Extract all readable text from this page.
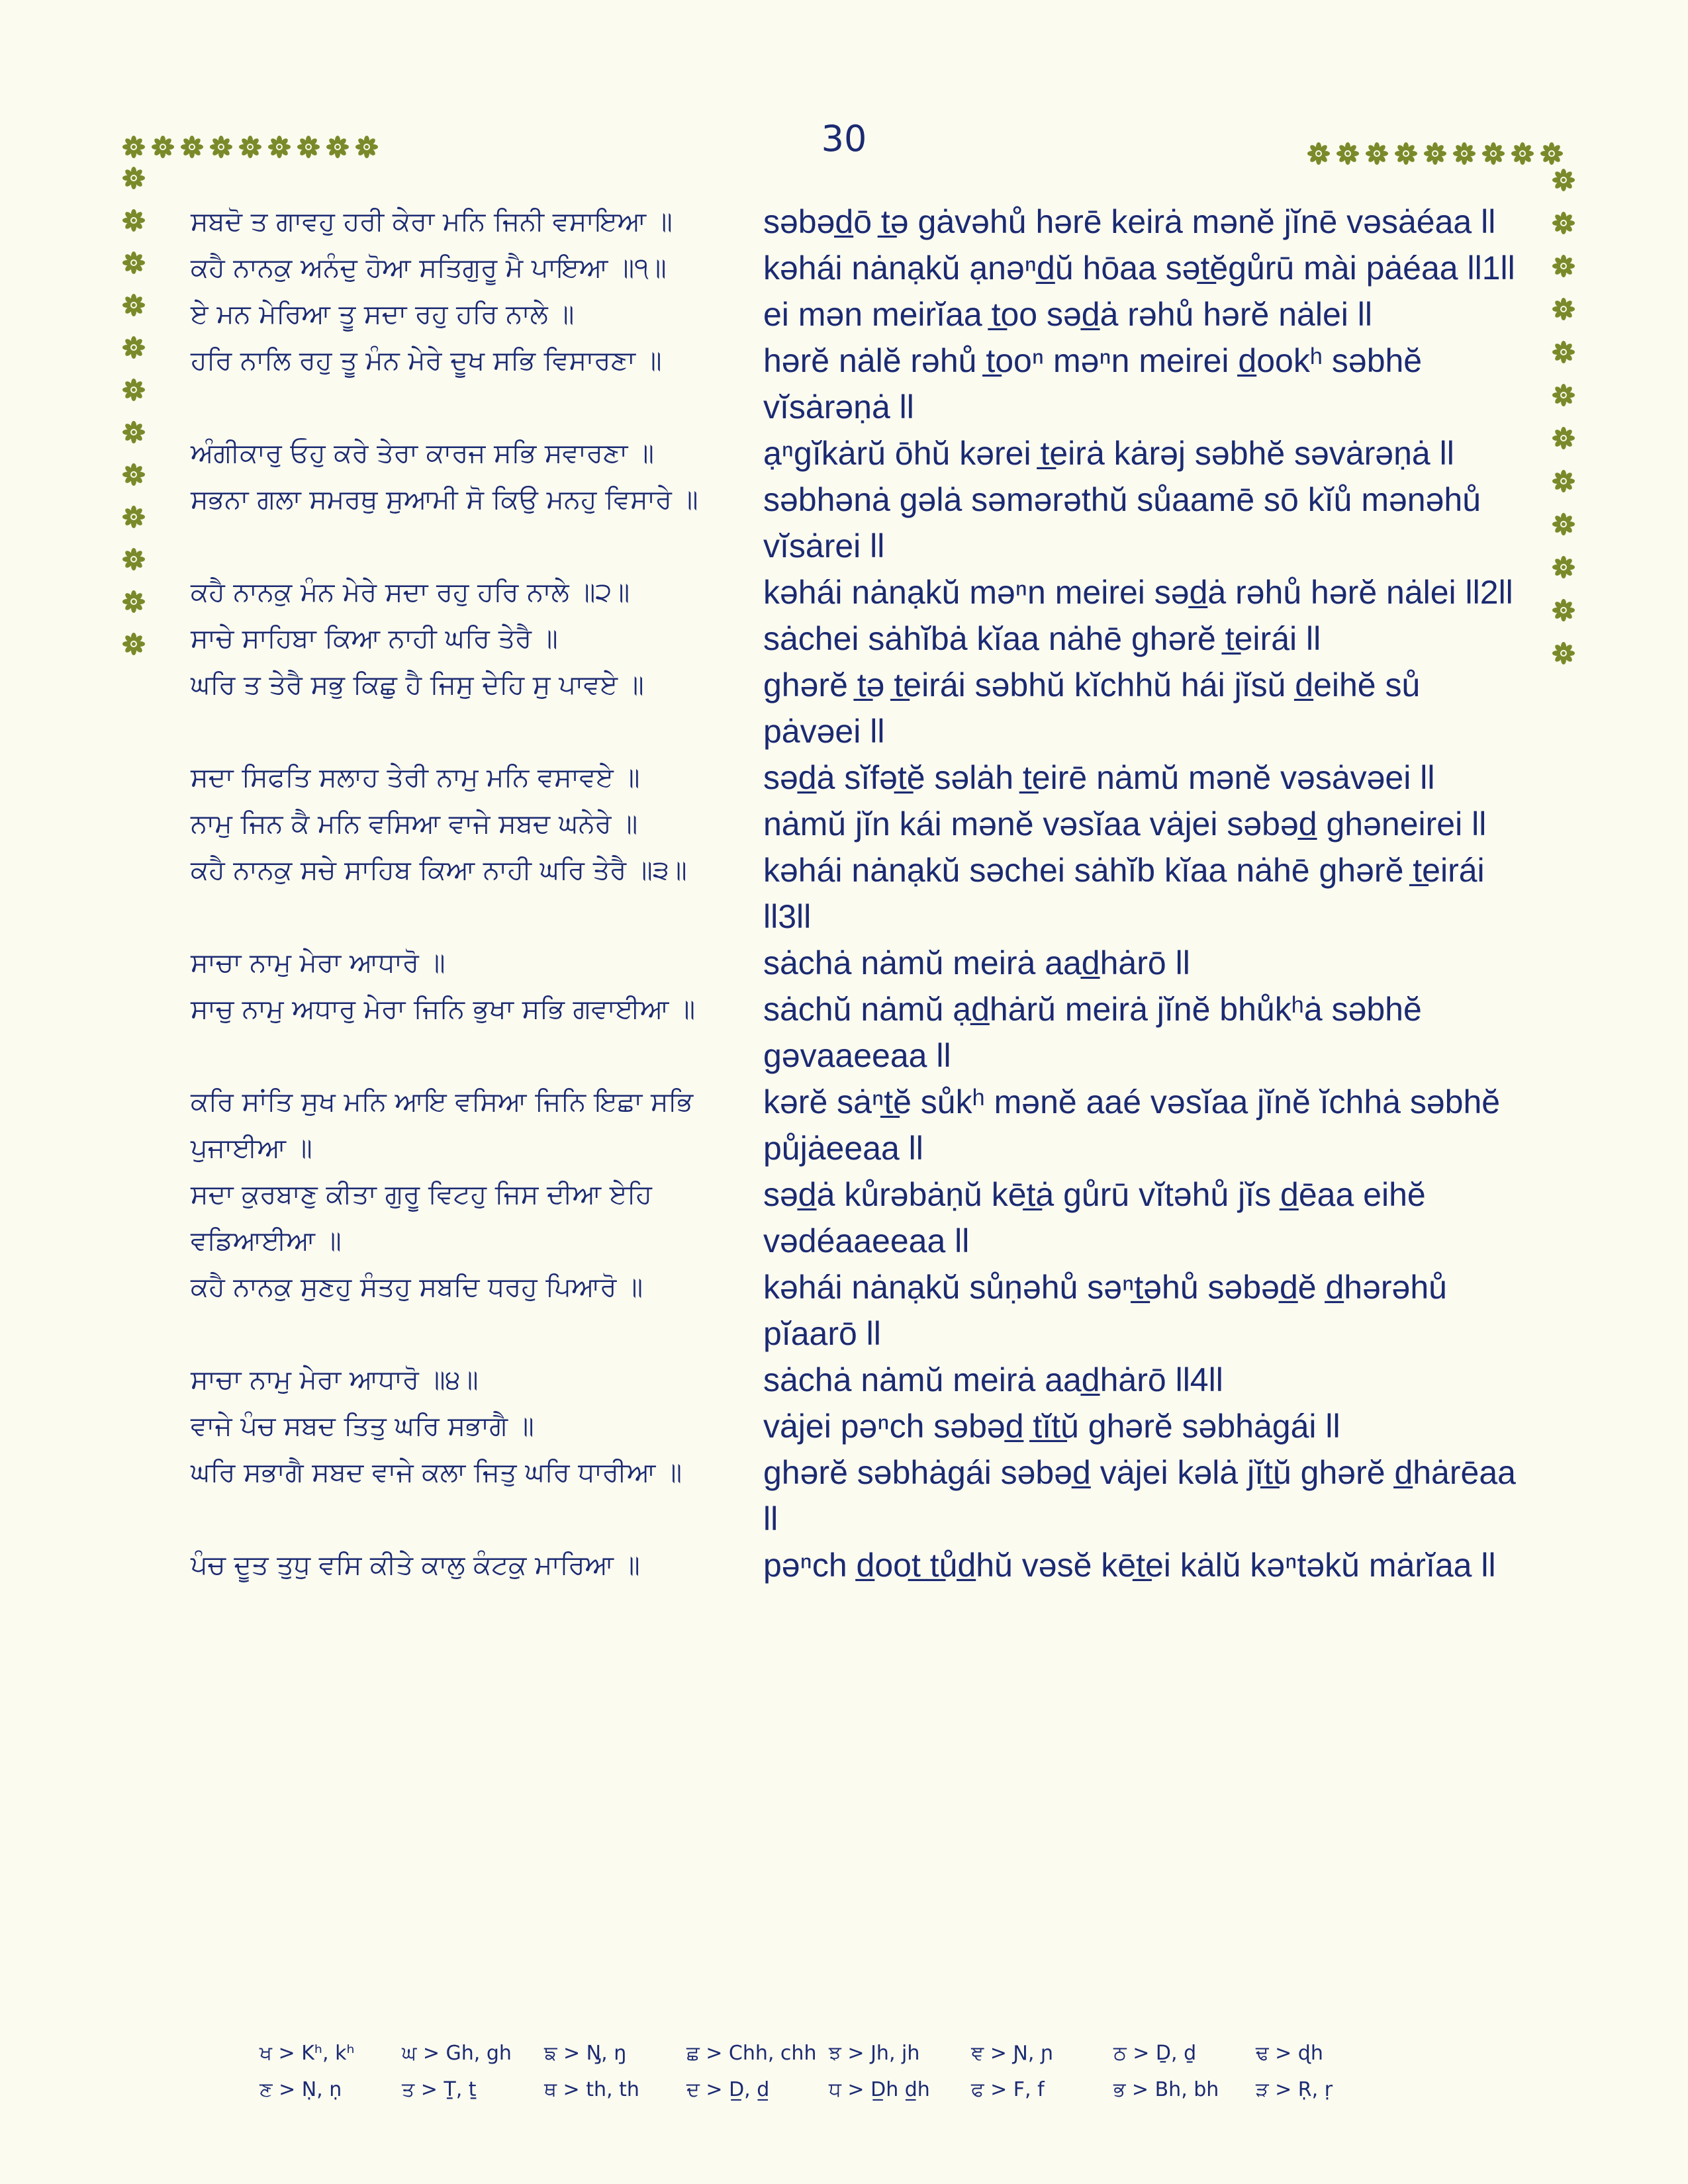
30
ਸਬਦੋ ਤ ਗਾਵਹੁ ਹਰੀ ਕੇਰਾ ਮਨਿ ਜਿਨੀ ਵਸਾਇਆ ॥	səbəd̲ō t̲ə gȧvəhů hərē keirȧ mənĕ jĭnē vəsȧéaa ll
ਕਹੈ ਨਾਨਕੁ ਅਨੰਦੁ ਹੋਆ ਸਤਿਗੁਰੂ ਮੈ ਪਾਇਆ ॥੧॥	kəhái nȧnạkŭ ạnəⁿd̲ŭ hōaa sət̲ĕgůrū mài pȧéaa ll1ll
ਏ ਮਨ ਮੇਰਿਆ ਤੂ ਸਦਾ ਰਹੁ ਹਰਿ ਨਾਲੇ ॥	ei mən meirĭaa t̲oo səd̲ȧ rəhů hərĕ nȧlei ll
ਹਰਿ ਨਾਲਿ ਰਹੁ ਤੂ ਮੰਨ ਮੇਰੇ ਦੂਖ ਸਭਿ ਵਿਸਾਰਣਾ ॥	hərĕ nȧlĕ rəhů t̲ooⁿ məⁿn meirei d̲ookʰ səbhĕ vĭsȧrəṇȧ ll
ਅੰਗੀਕਾਰੁ ਓਹੁ ਕਰੇ ਤੇਰਾ ਕਾਰਜ ਸਭਿ ਸਵਾਰਣਾ ॥	ạⁿgĭkȧrŭ ōhŭ kərei t̲eirȧ kȧrəj səbhĕ səvȧrəṇȧ ll
ਸਭਨਾ ਗਲਾ ਸਮਰਥੁ ਸੁਆਮੀ ਸੋ ਕਿਉ ਮਨਹੁ ਵਿਸਾਰੇ ॥	səbhənȧ gəlȧ səmərəthŭ sůaamē sō kĭů mənəhů vĭsȧrei ll
ਕਹੈ ਨਾਨਕੁ ਮੰਨ ਮੇਰੇ ਸਦਾ ਰਹੁ ਹਰਿ ਨਾਲੇ ॥੨॥	kəhái nȧnạkŭ məⁿn meirei səd̲ȧ rəhů hərĕ nȧlei ll2ll
ਸਾਚੇ ਸਾਹਿਬਾ ਕਿਆ ਨਾਹੀ ਘਰਿ ਤੇਰੈ ॥	sȧchei sȧhĭbȧ kĭaa nȧhē ghərĕ t̲eirái ll
ਘਰਿ ਤ ਤੇਰੈ ਸਭੁ ਕਿਛੁ ਹੈ ਜਿਸੁ ਦੇਹਿ ਸੁ ਪਾਵਏ ॥	ghərĕ t̲ə t̲eirái səbhŭ kĭchhŭ hái jĭsŭ d̲eihĕ sů pȧvəei ll
ਸਦਾ ਸਿਫਤਿ ਸਲਾਹ ਤੇਰੀ ਨਾਮੁ ਮਨਿ ਵਸਾਵਏ ॥	səd̲ȧ sĭfət̲ĕ səlȧh t̲eirē nȧmŭ mənĕ vəsȧvəei ll
ਨਾਮੁ ਜਿਨ ਕੈ ਮਨਿ ਵਸਿਆ ਵਾਜੇ ਸਬਦ ਘਨੇਰੇ ॥	nȧmŭ jĭn kái mənĕ vəsĭaa vȧjei səbəd̲ ghəneirei ll
ਕਹੈ ਨਾਨਕੁ ਸਚੇ ਸਾਹਿਬ ਕਿਆ ਨਾਹੀ ਘਰਿ ਤੇਰੈ ॥੩॥	kəhái nȧnạkŭ səchei sȧhĭb kĭaa nȧhē ghərĕ t̲eirái ll3ll
ਸਾਚਾ ਨਾਮੁ ਮੇਰਾ ਆਧਾਰੋ ॥	sȧchȧ nȧmŭ meirȧ aad̲hȧrō ll
ਸਾਚੁ ਨਾਮੁ ਅਧਾਰੁ ਮੇਰਾ ਜਿਨਿ ਭੁਖਾ ਸਭਿ ਗਵਾਈਆ ॥	sȧchŭ nȧmŭ ạd̲hȧrŭ meirȧ jĭnĕ bhůkʰȧ səbhĕ gəvaaeeaa ll
ਕਰਿ ਸਾਂਤਿ ਸੁਖ ਮਨਿ ਆਇ ਵਸਿਆ ਜਿਨਿ ਇਛਾ ਸਭਿ ਪੁਜਾਈਆ ॥
kərĕ sȧⁿt̲ĕ sůkʰ mənĕ aaé vəsĭaa jĭnĕ ĭchhȧ səbhĕ půjȧeeaa ll
ਸਦਾ ਕੁਰਬਾਣੁ ਕੀਤਾ ਗੁਰੂ ਵਿਟਹੁ ਜਿਸ ਦੀਆ ਏਹਿ ਵਡਿਆਈਆ ॥
səd̲ȧ kůrəbȧṇŭ kēt̲ȧ gůrū vĭtəhů jĭs d̲ēaa eihĕ vədéaaeeaa ll
ਕਹੈ ਨਾਨਕੁ ਸੁਣਹੁ ਸੰਤਹੁ ਸਬਦਿ ਧਰਹੁ ਪਿਆਰੋ ॥	kəhái nȧnạkŭ sůṇəhů səⁿt̲əhů səbəd̲ĕ d̲hərəhů pĭaarō ll
ਸਾਚਾ ਨਾਮੁ ਮੇਰਾ ਆਧਾਰੋ ॥੪॥	sȧchȧ nȧmŭ meirȧ aad̲hȧrō ll4ll
ਵਾਜੇ ਪੰਚ ਸਬਦ ਤਿਤੁ ਘਰਿ ਸਭਾਗੈ ॥	vȧjei pəⁿch səbəd̲ t̲ĭt̲ŭ ghərĕ səbhȧgái ll
ਘਰਿ ਸਭਾਗੈ ਸਬਦ ਵਾਜੇ ਕਲਾ ਜਿਤੁ ਘਰਿ ਧਾਰੀਆ ॥	ghərĕ səbhȧgái səbəd̲ vȧjei kəlȧ jĭt̲ŭ ghərĕ d̲hȧrēaa ll
ਪੰਚ ਦੂਤ ਤੁਧੁ ਵਸਿ ਕੀਤੇ ਕਾਲੁ ਕੰਟਕੁ ਮਾਰਿਆ ॥	pəⁿch d̲oot̲ t̲ůd̲hŭ vəsĕ kēt̲ei kȧlŭ kəⁿtəkŭ mȧrĭaa ll
ਖ > Kʰ, kʰ	ਘ > Gh, gh	ਙ > N̡, ŋ	ਛ > Chh, chh ਝ > Jh, jh	ਞ > Ɲ, ɲ	ਠ > Ḏ, ḏ	ਢ > ɖh
ਣ > Ṇ, ṇ	ਤ > Ṯ, ṯ	ਥ > th, th	ਦ > D̲, d̲	ਧ > D̲h d̲h	ਫ > F, f	ਭ > Bh, bh	ੜ > Ṛ, ṛ
